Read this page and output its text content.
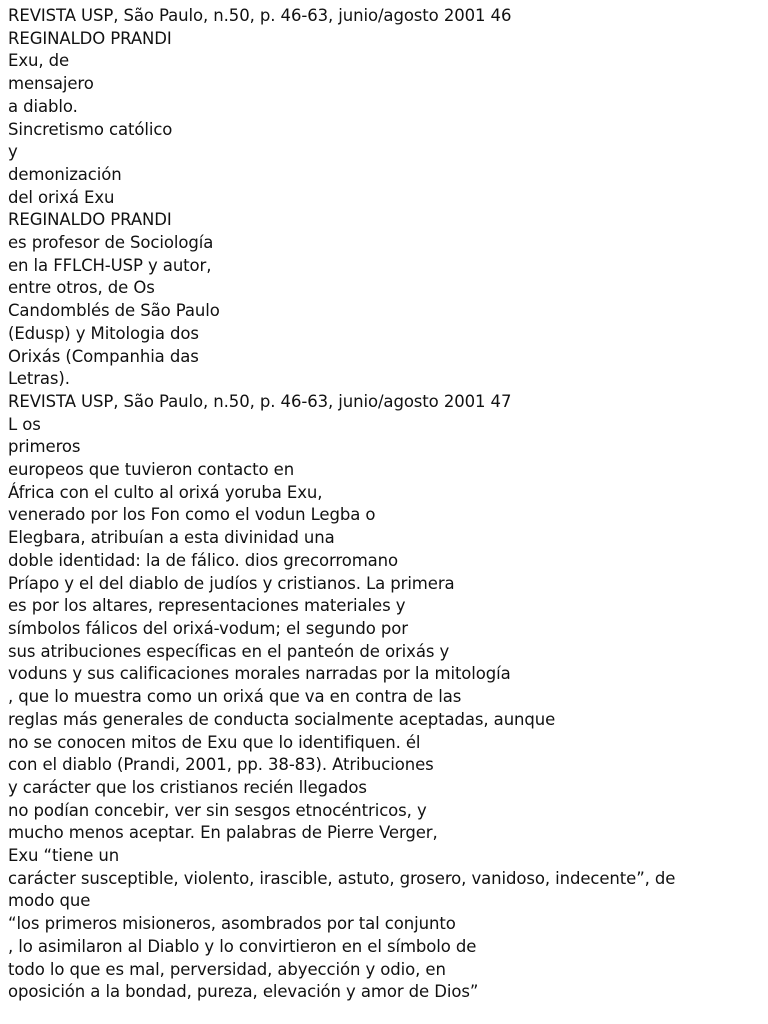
REVISTA USP, São Paulo, n.50, p. 46-63, junio/agosto 2001 46
REGINALDO PRANDI
Exu, de
mensajero
a diablo.
Sincretismo católico
y
demonización
del orixá Exu
REGINALDO PRANDI
es profesor de Sociología
en la FFLCH-USP y autor,
entre otros, de Os
Candomblés de São Paulo
(Edusp) y Mitologia dos
Orixás (Companhia das
Letras).
REVISTA USP, São Paulo, n.50, p. 46-63, junio/agosto 2001 47
L os
primeros
europeos que tuvieron contacto en
África con el culto al orixá yoruba Exu,
venerado por los Fon como el vodun Legba o
Elegbara, atribuían a esta divinidad una
doble identidad: la de fálico. dios grecorromano
Príapo y el del diablo de judíos y cristianos. La primera
es por los altares, representaciones materiales y
símbolos fálicos del orixá-vodum; el segundo por
sus atribuciones específicas en el panteón de orixás y
voduns y sus calificaciones morales narradas por la mitología
, que lo muestra como un orixá que va en contra de las
reglas más generales de conducta socialmente aceptadas, aunque
no se conocen mitos de Exu que lo identifiquen. él
con el diablo (Prandi, 2001, pp. 38-83). Atribuciones
y carácter que los cristianos recién llegados
no podían concebir, ver sin sesgos etnocéntricos, y
mucho menos aceptar. En palabras de Pierre Verger,
Exu “tiene un
carácter susceptible, violento, irascible, astuto, grosero, vanidoso, indecente”, de
modo que
“los primeros misioneros, asombrados por tal conjunto
, lo asimilaron al Diablo y lo convirtieron en el símbolo de
todo lo que es mal, perversidad, abyección y odio, en
oposición a la bondad, pureza, elevación y amor de Dios”
